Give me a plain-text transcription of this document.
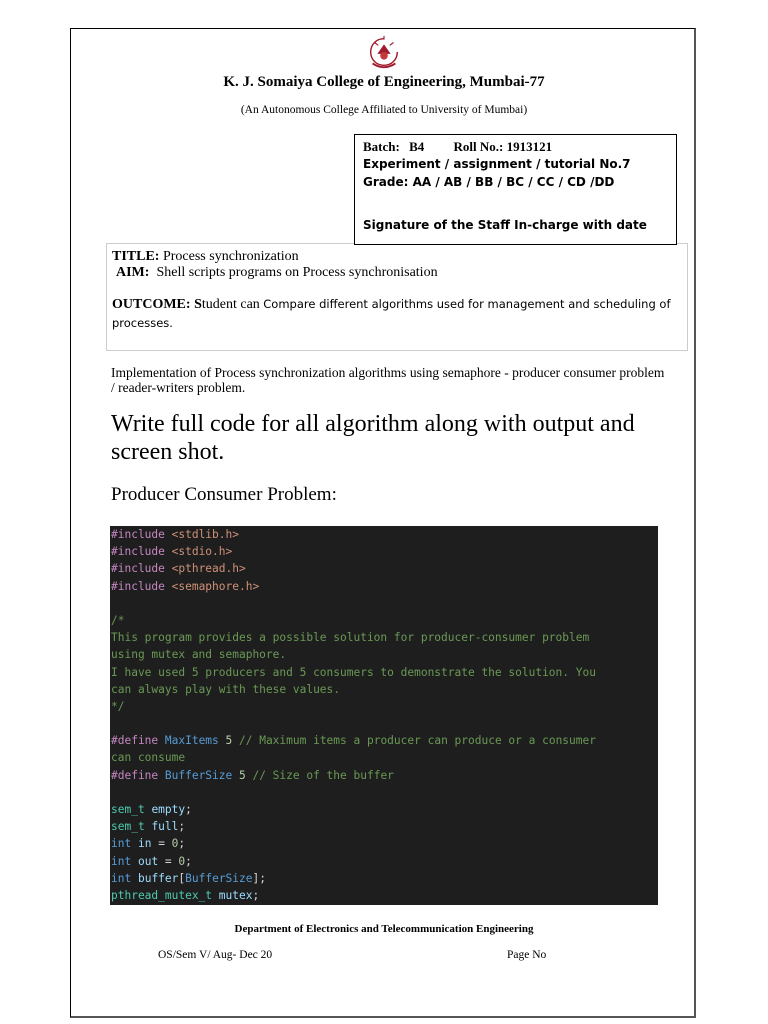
K. J. Somaiya College of Engineering, Mumbai-77
(An Autonomous College Affiliated to University of Mumbai)
Batch: B4 Roll No.: 1913121
Experiment / assignment / tutorial No.7
Grade: AA / AB / BB / BC / CC / CD /DD
Signature of the Staff In-charge with date
TITLE: Process synchronization
AIM: Shell scripts programs on Process synchronisation
OUTCOME: Student can Compare different algorithms used for management and scheduling of processes.
Implementation of Process synchronization algorithms using semaphore - producer consumer problem / reader-writers problem.
Write full code for all algorithm along with output and screen shot.
Producer Consumer Problem:
#include <stdlib.h>
#include <stdio.h>
#include <pthread.h>
#include <semaphore.h>
/*
This program provides a possible solution for producer-consumer problem
using mutex and semaphore.
I have used 5 producers and 5 consumers to demonstrate the solution. You
can always play with these values.
*/
#define MaxItems 5 // Maximum items a producer can produce or a consumer
can consume
#define BufferSize 5 // Size of the buffer
sem_t empty;
sem_t full;
int in = 0;
int out = 0;
int buffer[BufferSize];
pthread_mutex_t mutex;
Department of Electronics and Telecommunication Engineering
OS/Sem V/ Aug- Dec 20	Page No
